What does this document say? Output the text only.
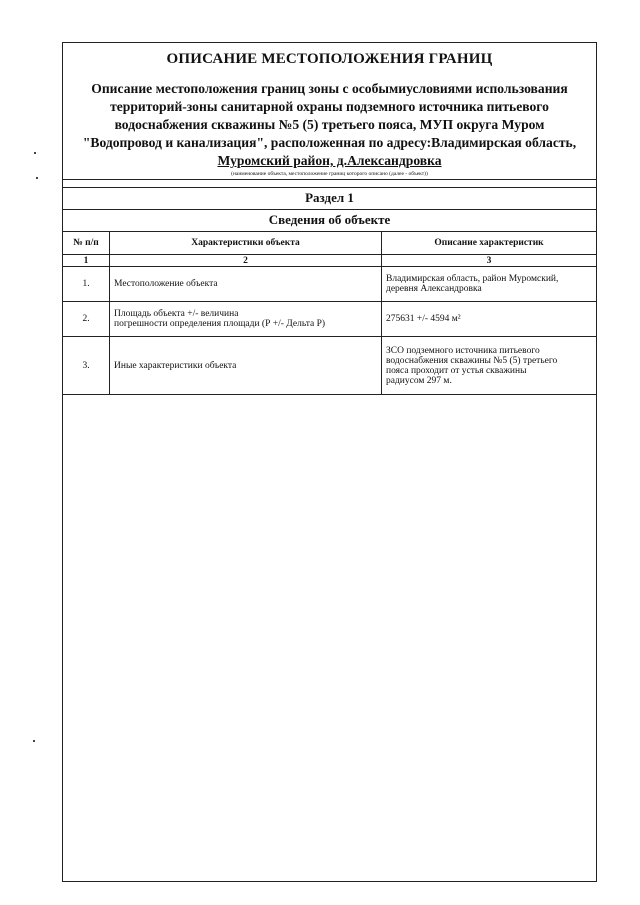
ОПИСАНИЕ МЕСТОПОЛОЖЕНИЯ ГРАНИЦ
Описание местоположения границ зоны с особымиусловиями использования
территорий-зоны санитарной охраны подземного источника питьевого
водоснабжения скважины №5 (5) третьего пояса, МУП округа Муром
"Водопровод и канализация", расположенная по адресу:Владимирская область,
Муромский район, д.Александровка
(наименование объекта, местоположение границ которого описано (далее - объект))
Раздел 1
Сведения об объекте
№ п/п	Характеристики объекта	Описание характеристик
1	2	3
1.	Местоположение объекта	Владимирская область, район Муромский,
деревня Александровка

2.	Площадь объекта +/- величина
погрешности определения площади (Р +/- Дельта Р)	275631 +/- 4594 м²

3.	Иные характеристики объекта	ЗСО подземного источника питьевого
водоснабжения скважины №5 (5) третьего
пояса проходит от устья скважины
радиусом 297 м.
